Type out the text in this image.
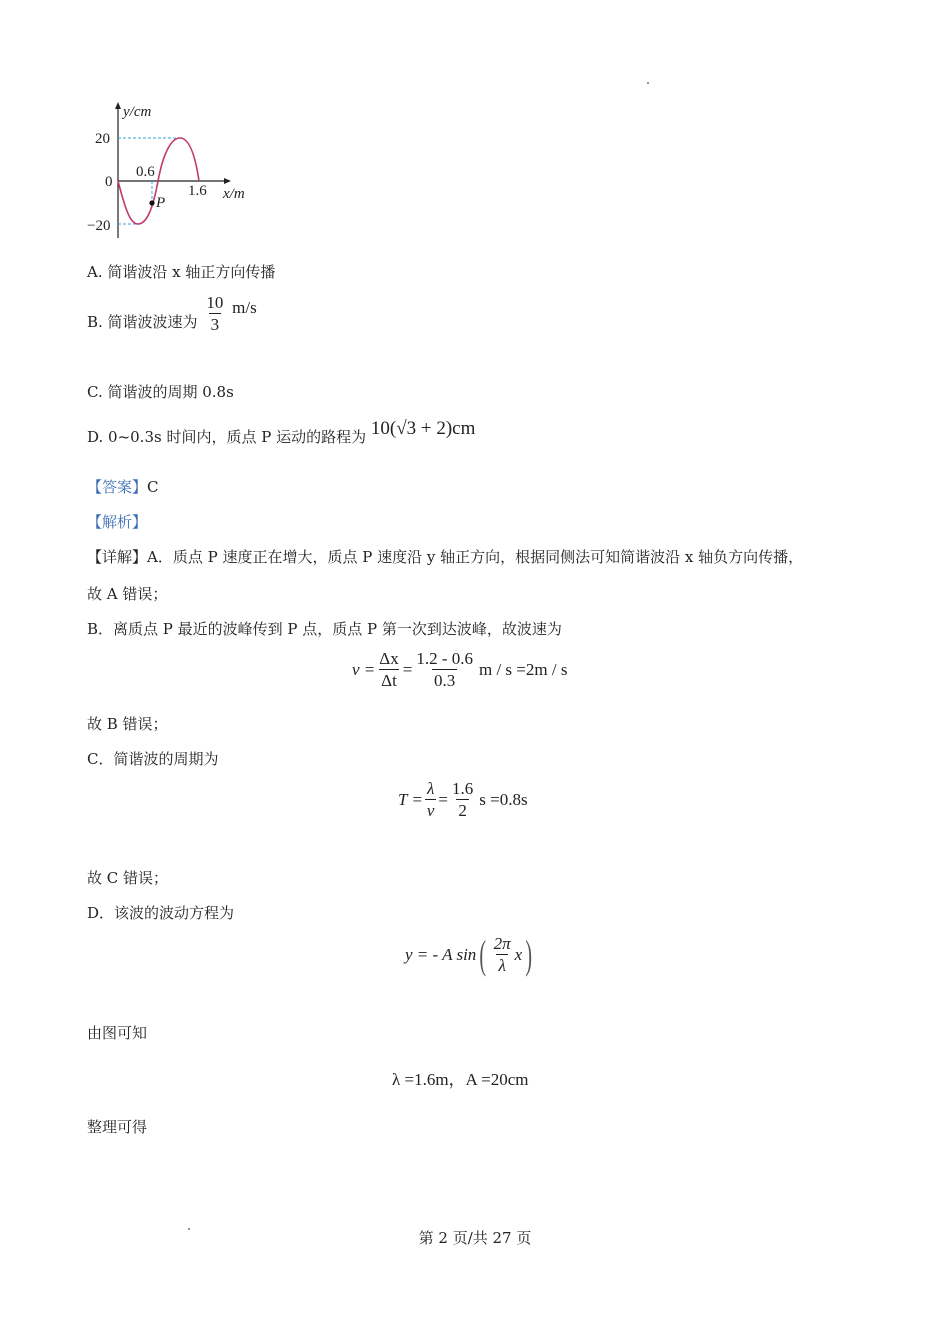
y/cm
20
0
−20
0.6
1.6 x/m
P
A. 简谐波沿 x 轴正方向传播
B. 简谐波波速为 $\frac{10}{3} m/s$
C. 简谐波的周期 0.8s
D. 0~0.3s 时间内，质点 P 运动的路程为 10(√3 + 2)cm
【答案】C
【解析】
【详解】A．质点 P 速度正在增大，质点 P 速度沿 y 轴正方向，根据同侧法可知简谐波沿 x 轴负方向传播，
故 A 错误；
B．离质点 P 最近的波峰传到 P 点，质点 P 第一次到达波峰，故波速为
$v = \frac{\Delta x}{\Delta t} = \frac{1.2 - 0.6}{0.3}$ m / s =2m / s
故 B 错误；
C．简谐波的周期为
$T = \frac{\lambda}{v} = \frac{1.6}{2}$ s =0.8s
故 C 错误；
D．该波的波动方程为
y = - A sin ( $\frac{2\pi}{\lambda}$ x )
由图可知
λ =1.6m，A =20cm
整理可得
第 2 页/共 27 页
